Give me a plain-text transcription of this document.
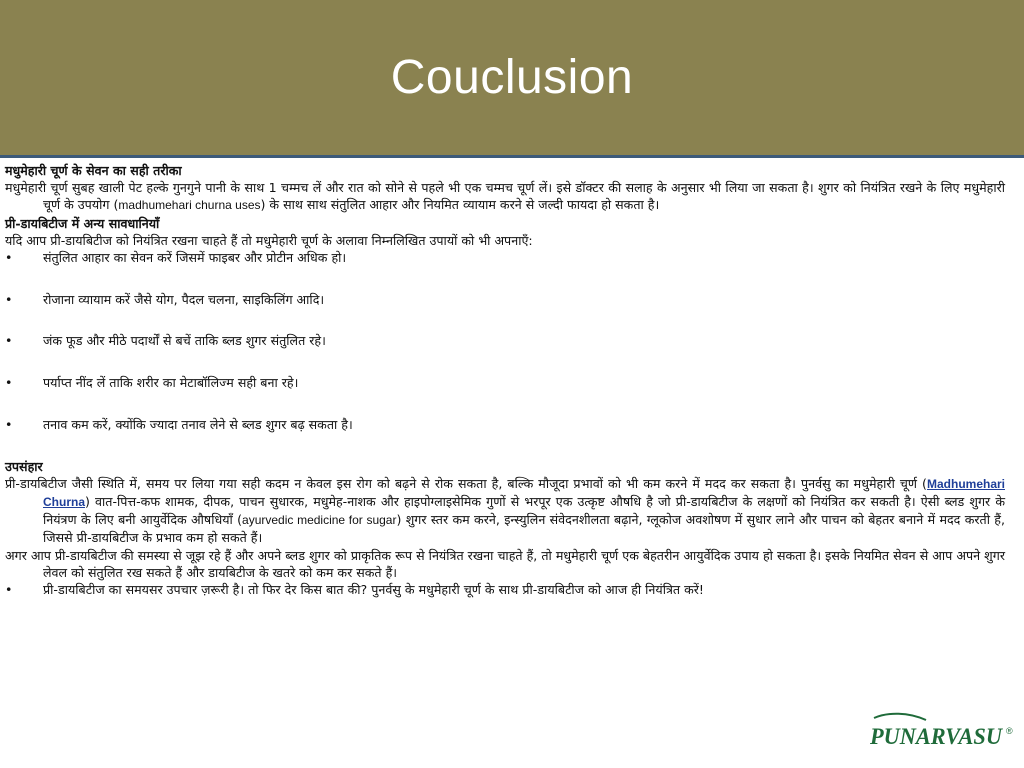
Couclusion

मधुमेहारी चूर्ण के सेवन का सही तरीका

मधुमेहारी चूर्ण सुबह खाली पेट हल्के गुनगुने पानी के साथ 1 चम्मच लें और रात को सोने से पहले भी एक चम्मच चूर्ण लें। इसे डॉक्टर की सलाह के अनुसार भी लिया जा सकता है। शुगर को नियंत्रित रखने के लिए मधुमेहारी चूर्ण के उपयोग (madhumehari churna uses) के साथ साथ संतुलित आहार और नियमित व्यायाम करने से जल्दी फायदा हो सकता है।

प्री-डायबिटीज में अन्य सावधानियाँ

यदि आप प्री-डायबिटीज को नियंत्रित रखना चाहते हैं तो मधुमेहारी चूर्ण के अलावा निम्नलिखित उपायों को भी अपनाएँ:

•	संतुलित आहार का सेवन करें जिसमें फाइबर और प्रोटीन अधिक हो।
•	रोजाना व्यायाम करें जैसे योग, पैदल चलना, साइकिलिंग आदि।
•	जंक फूड और मीठे पदार्थों से बचें ताकि ब्लड शुगर संतुलित रहे।
•	पर्याप्त नींद लें ताकि शरीर का मेटाबॉलिज्म सही बना रहे।
•	तनाव कम करें, क्योंकि ज्यादा तनाव लेने से ब्लड शुगर बढ़ सकता है।

उपसंहार

प्री-डायबिटीज जैसी स्थिति में, समय पर लिया गया सही कदम न केवल इस रोग को बढ़ने से रोक सकता है, बल्कि मौजूदा प्रभावों को भी कम करने में मदद कर सकता है। पुनर्वसु का मधुमेहारी चूर्ण (Madhumehari Churna) वात-पित्त-कफ शामक, दीपक, पाचन सुधारक, मधुमेह-नाशक और हाइपोग्लाइसेमिक गुणों से भरपूर एक उत्कृष्ट औषधि है जो प्री-डायबिटीज के लक्षणों को नियंत्रित कर सकती है। ऐसी ब्लड शुगर के नियंत्रण के लिए बनी आयुर्वेदिक औषधियाँ (ayurvedic medicine for sugar) शुगर स्तर कम करने, इन्स्युलिन संवेदनशीलता बढ़ाने, ग्लूकोज अवशोषण में सुधार लाने और पाचन को बेहतर बनाने में मदद करती हैं, जिससे प्री-डायबिटीज के प्रभाव कम हो सकते हैं।

अगर आप प्री-डायबिटीज की समस्या से जूझ रहे हैं और अपने ब्लड शुगर को प्राकृतिक रूप से नियंत्रित रखना चाहते हैं, तो मधुमेहारी चूर्ण एक बेहतरीन आयुर्वेदिक उपाय हो सकता है। इसके नियमित सेवन से आप अपने शुगर लेवल को संतुलित रख सकते हैं और डायबिटीज के खतरे को कम कर सकते हैं।

•	प्री-डायबिटीज का समयसर उपचार ज़रूरी है। तो फिर देर किस बात की? पुनर्वसु के मधुमेहारी चूर्ण के साथ प्री-डायबिटीज को आज ही नियंत्रित करें!
PUNARVASU ®
